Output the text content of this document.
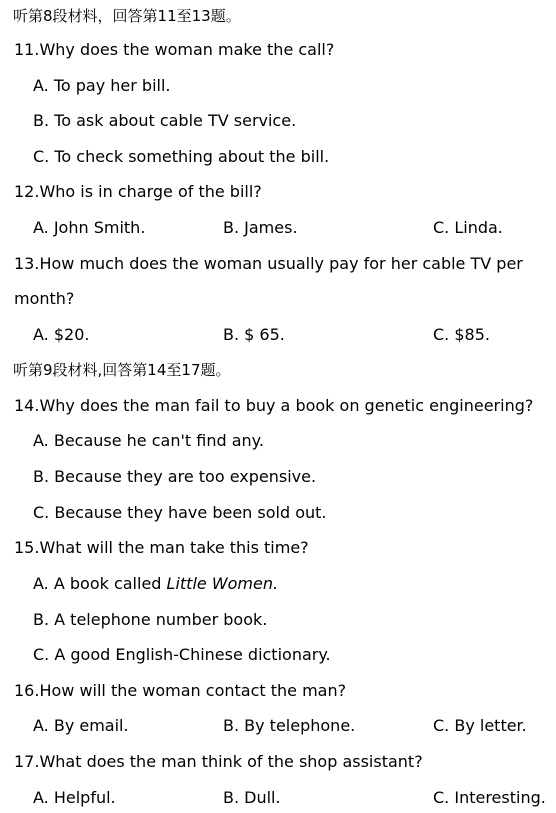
听第8段材料，回答第11至13题。
11.Why does the woman make the call?
A. To pay her bill.
B. To ask about cable TV service.
C. To check something about the bill.
12.Who is in charge of the bill?
A. John Smith.	B. James.	C. Linda.
13.How much does the woman usually pay for her cable TV per
month?
A. $20.	B. $ 65.	C. $85.
听第9段材料,回答第14至17题。
14.Why does the man fail to buy a book on genetic engineering?
A. Because he can't find any.
B. Because they are too expensive.
C. Because they have been sold out.
15.What will the man take this time?
A. A book called Little Women.
B. A telephone number book.
C. A good English-Chinese dictionary.
16.How will the woman contact the man?
A. By email.	B. By telephone.	C. By letter.
17.What does the man think of the shop assistant?
A. Helpful.	B. Dull.	C. Interesting.
